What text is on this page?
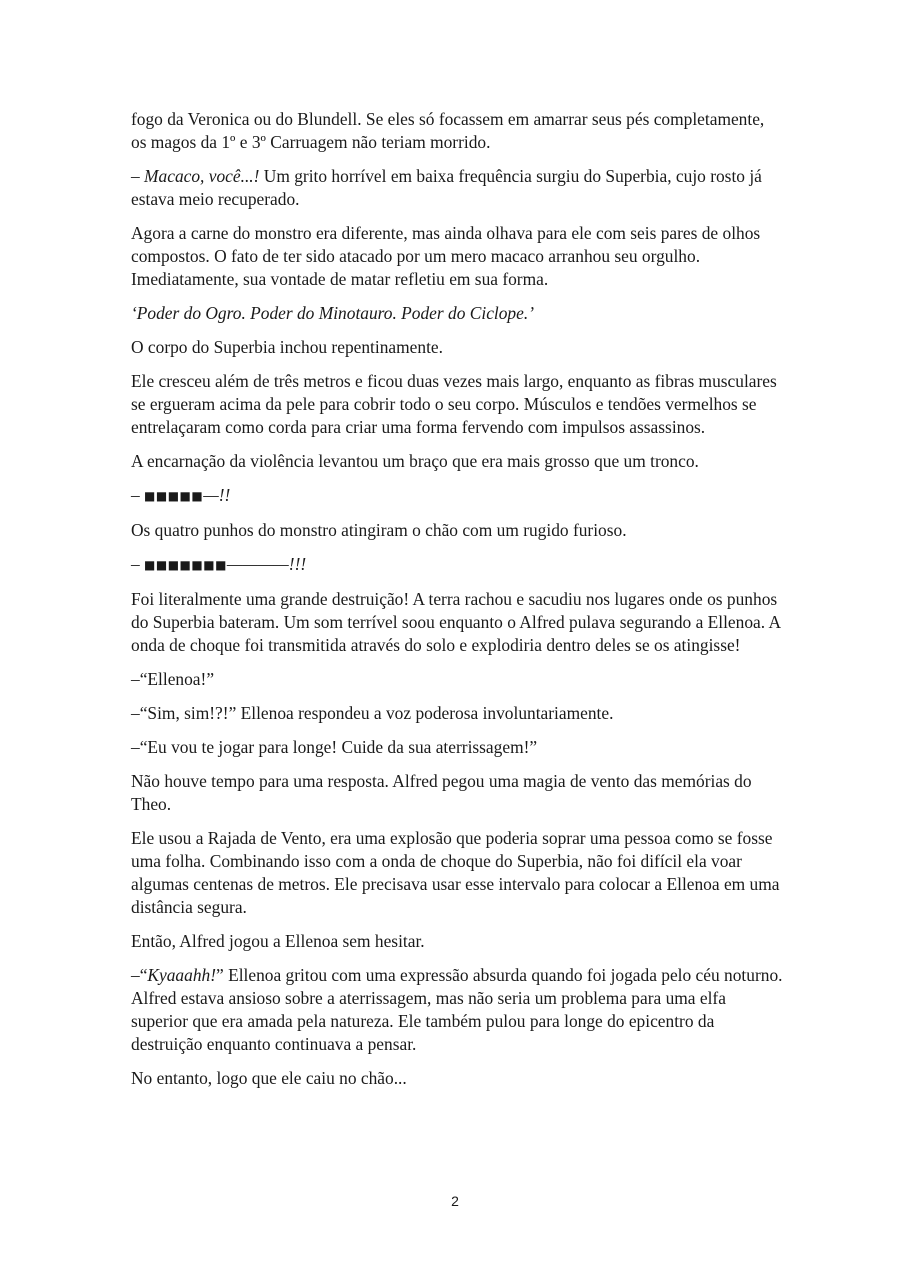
fogo da Veronica ou do Blundell. Se eles só focassem em amarrar seus pés completamente, os magos da 1º e 3º Carruagem não teriam morrido.

– Macaco, você...! Um grito horrível em baixa frequência surgiu do Superbia, cujo rosto já estava meio recuperado.

Agora a carne do monstro era diferente, mas ainda olhava para ele com seis pares de olhos compostos. O fato de ter sido atacado por um mero macaco arranhou seu orgulho. Imediatamente, sua vontade de matar refletiu em sua forma.

‘Poder do Ogro. Poder do Minotauro. Poder do Ciclope.’

O corpo do Superbia inchou repentinamente.

Ele cresceu além de três metros e ficou duas vezes mais largo, enquanto as fibras musculares se ergueram acima da pele para cobrir todo o seu corpo. Músculos e tendões vermelhos se entrelaçaram como corda para criar uma forma fervendo com impulsos assassinos.

A encarnação da violência levantou um braço que era mais grosso que um tronco.

– ■■■■■—!!

Os quatro punhos do monstro atingiram o chão com um rugido furioso.

– ■■■■■■■————!!!

Foi literalmente uma grande destruição! A terra rachou e sacudiu nos lugares onde os punhos do Superbia bateram. Um som terrível soou enquanto o Alfred pulava segurando a Ellenoa. A onda de choque foi transmitida através do solo e explodiria dentro deles se os atingisse!

–“Ellenoa!”

–“Sim, sim!?!” Ellenoa respondeu a voz poderosa involuntariamente.

–“Eu vou te jogar para longe! Cuide da sua aterrissagem!”

Não houve tempo para uma resposta. Alfred pegou uma magia de vento das memórias do Theo.

Ele usou a Rajada de Vento, era uma explosão que poderia soprar uma pessoa como se fosse uma folha. Combinando isso com a onda de choque do Superbia, não foi difícil ela voar algumas centenas de metros. Ele precisava usar esse intervalo para colocar a Ellenoa em uma distância segura.

Então, Alfred jogou a Ellenoa sem hesitar.

–“Kyaaahh!” Ellenoa gritou com uma expressão absurda quando foi jogada pelo céu noturno. Alfred estava ansioso sobre a aterrissagem, mas não seria um problema para uma elfa superior que era amada pela natureza. Ele também pulou para longe do epicentro da destruição enquanto continuava a pensar.

No entanto, logo que ele caiu no chão...

2
